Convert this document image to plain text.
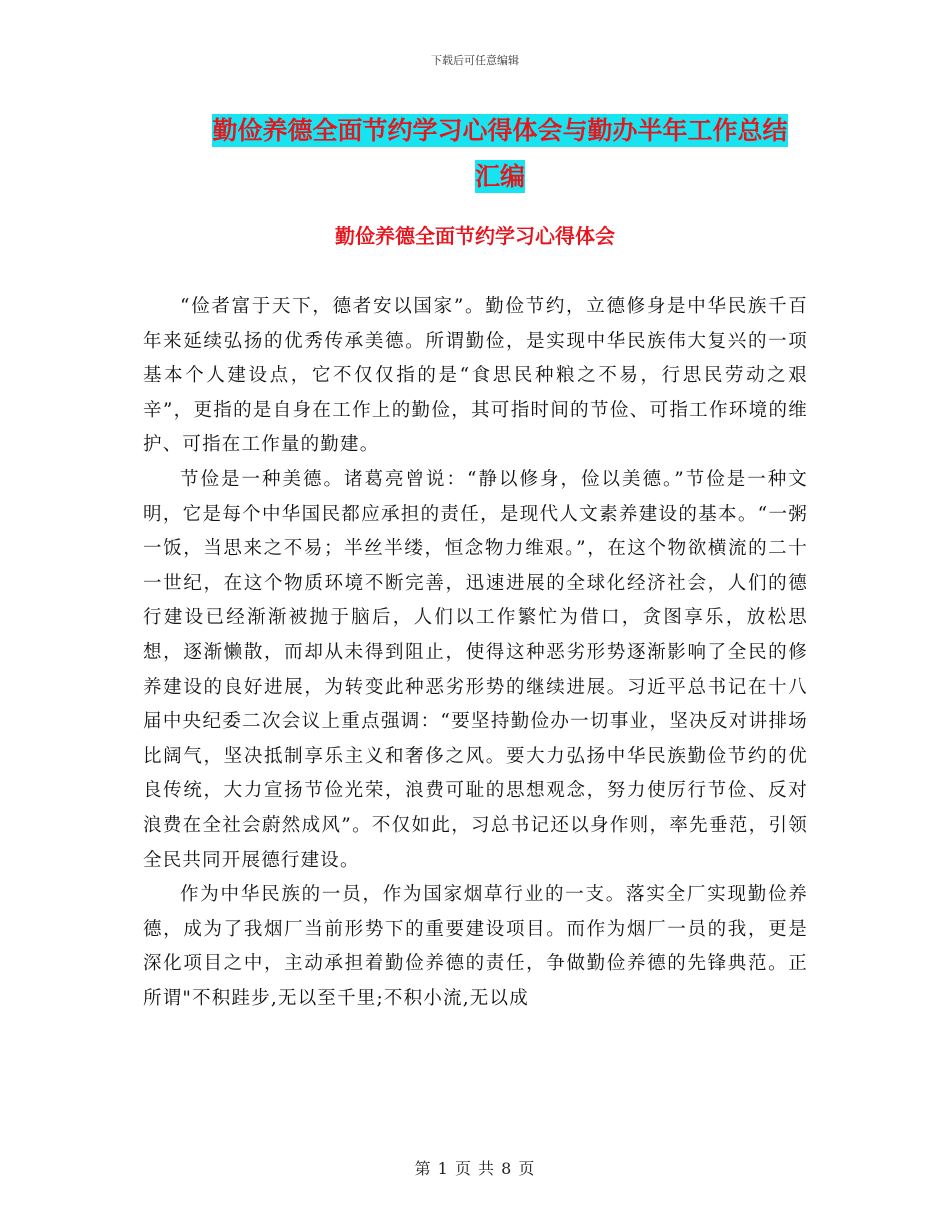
下载后可任意编辑
勤俭养德全面节约学习心得体会与勤办半年工作总结
汇编
勤俭养德全面节约学习心得体会

“俭者富于天下，德者安以国家”。勤俭节约，立德修身是中华民族千百年来延续弘扬的优秀传承美德。所谓勤俭，是实现中华民族伟大复兴的一项基本个人建设点，它不仅仅指的是“食思民种粮之不易，行思民劳动之艰辛”，更指的是自身在工作上的勤俭，其可指时间的节俭、可指工作环境的维护、可指在工作量的勤建。

节俭是一种美德。诸葛亮曾说：“静以修身，俭以美德。”节俭是一种文明，它是每个中华国民都应承担的责任，是现代人文素养建设的基本。“一粥一饭，当思来之不易；半丝半缕，恒念物力维艰。”，在这个物欲横流的二十一世纪，在这个物质环境不断完善，迅速进展的全球化经济社会，人们的德行建设已经渐渐被抛于脑后，人们以工作繁忙为借口，贪图享乐，放松思想，逐渐懒散，而却从未得到阻止，使得这种恶劣形势逐渐影响了全民的修养建设的良好进展，为转变此种恶劣形势的继续进展。习近平总书记在十八届中央纪委二次会议上重点强调：“要坚持勤俭办一切事业，坚决反对讲排场比阔气，坚决抵制享乐主义和奢侈之风。要大力弘扬中华民族勤俭节约的优良传统，大力宣扬节俭光荣，浪费可耻的思想观念，努力使厉行节俭、反对浪费在全社会蔚然成风”。不仅如此，习总书记还以身作则，率先垂范，引领全民共同开展德行建设。

作为中华民族的一员，作为国家烟草行业的一支。落实全厂实现勤俭养德，成为了我烟厂当前形势下的重要建设项目。而作为烟厂一员的我，更是深化项目之中，主动承担着勤俭养德的责任，争做勤俭养德的先锋典范。正所谓"不积跬步,无以至千里;不积小流,无以成

第 1 页 共 8 页
